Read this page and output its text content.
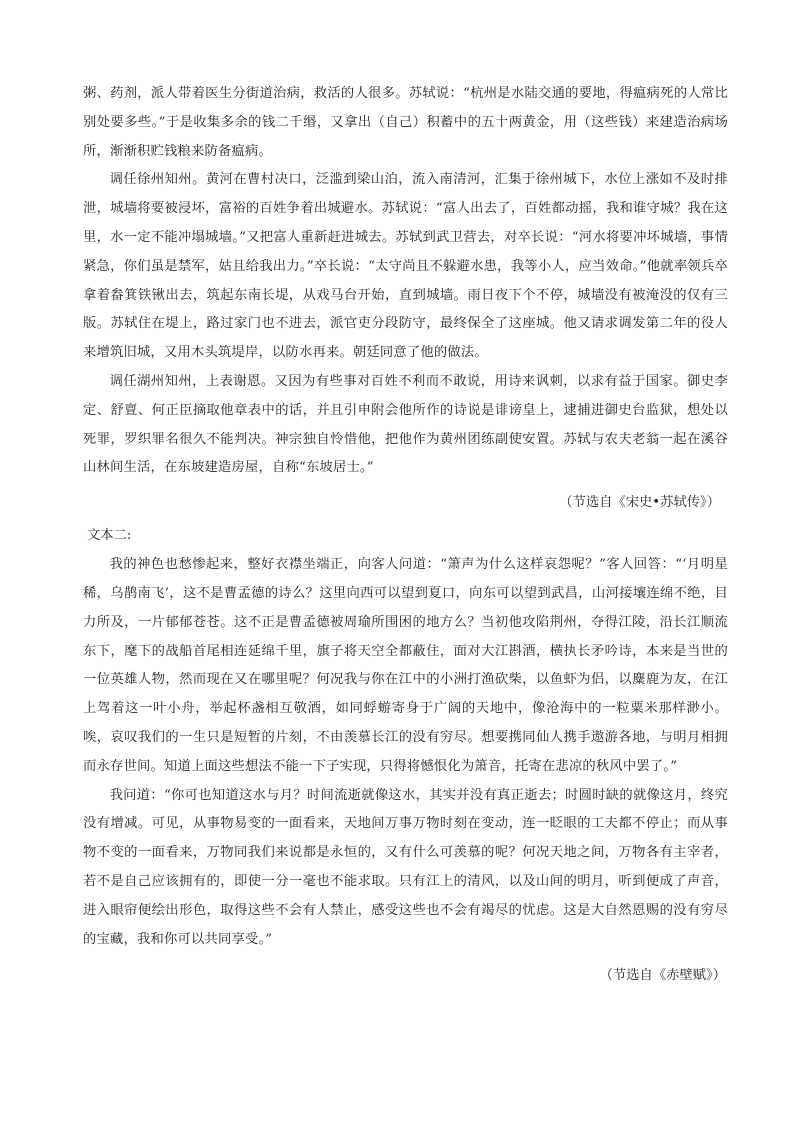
粥、药剂，派人带着医生分街道治病，救活的人很多。苏轼说：“杭州是水陆交通的要地，得瘟病死的人常比别处要多些。”于是收集多余的钱二千缗，又拿出（自己）积蓄中的五十两黄金，用（这些钱）来建造治病场所，渐渐积贮钱粮来防备瘟病。

调任徐州知州。黄河在曹村决口，泛滥到梁山泊，流入南清河，汇集于徐州城下，水位上涨如不及时排泄，城墙将要被浸坏，富裕的百姓争着出城避水。苏轼说：“富人出去了，百姓都动摇，我和谁守城？我在这里，水一定不能冲塌城墙。”又把富人重新赶进城去。苏轼到武卫营去，对卒长说：“河水将要冲坏城墙，事情紧急，你们虽是禁军，姑且给我出力。”卒长说：“太守尚且不躲避水患，我等小人，应当效命。”他就率领兵卒拿着畚箕铁锹出去，筑起东南长堤，从戏马台开始，直到城墙。雨日夜下个不停，城墙没有被淹没的仅有三版。苏轼住在堤上，路过家门也不进去，派官吏分段防守，最终保全了这座城。他又请求调发第二年的役人来增筑旧城，又用木头筑堤岸，以防水再来。朝廷同意了他的做法。

调任湖州知州，上表谢恩。又因为有些事对百姓不利而不敢说，用诗来讽刺，以求有益于国家。御史李定、舒亶、何正臣摘取他章表中的话，并且引申附会他所作的诗说是诽谤皇上，逮捕进御史台监狱，想处以死罪，罗织罪名很久不能判决。神宗独自怜惜他，把他作为黄州团练副使安置。苏轼与农夫老翁一起在溪谷山林间生活，在东坡建造房屋，自称“东坡居士。”

（节选自《宋史•苏轼传》）

文本二:

我的神色也愁惨起来，整好衣襟坐端正，向客人问道：“箫声为什么这样哀怨呢？”客人回答：“‘月明星稀，乌鹊南飞’，这不是曹孟德的诗么？这里向西可以望到夏口，向东可以望到武昌，山河接壤连绵不绝，目力所及，一片郁郁苍苍。这不正是曹孟德被周瑜所围困的地方么？当初他攻陷荆州，夺得江陵，沿长江顺流东下，麾下的战船首尾相连延绵千里，旗子将天空全都蔽住，面对大江斟酒，横执长矛吟诗，本来是当世的一位英雄人物，然而现在又在哪里呢？何况我与你在江中的小洲打渔砍柴，以鱼虾为侣，以麋鹿为友，在江上驾着这一叶小舟，举起杯盏相互敬酒，如同蜉蝣寄身于广阔的天地中，像沧海中的一粒粟米那样渺小。唉，哀叹我们的一生只是短暂的片刻，不由羡慕长江的没有穷尽。想要携同仙人携手遨游各地，与明月相拥而永存世间。知道上面这些想法不能一下子实现，只得将憾恨化为箫音，托寄在悲凉的秋风中罢了。”

我问道：“你可也知道这水与月？时间流逝就像这水，其实并没有真正逝去；时圆时缺的就像这月，终究没有增减。可见，从事物易变的一面看来，天地间万事万物时刻在变动，连一眨眼的工夫都不停止；而从事物不变的一面看来，万物同我们来说都是永恒的，又有什么可羡慕的呢？何况天地之间，万物各有主宰者，若不是自己应该拥有的，即使一分一毫也不能求取。只有江上的清风，以及山间的明月，听到便成了声音，进入眼帘便绘出形色，取得这些不会有人禁止，感受这些也不会有竭尽的忧虑。这是大自然恩赐的没有穷尽的宝藏，我和你可以共同享受。”

（节选自《赤壁赋》）
